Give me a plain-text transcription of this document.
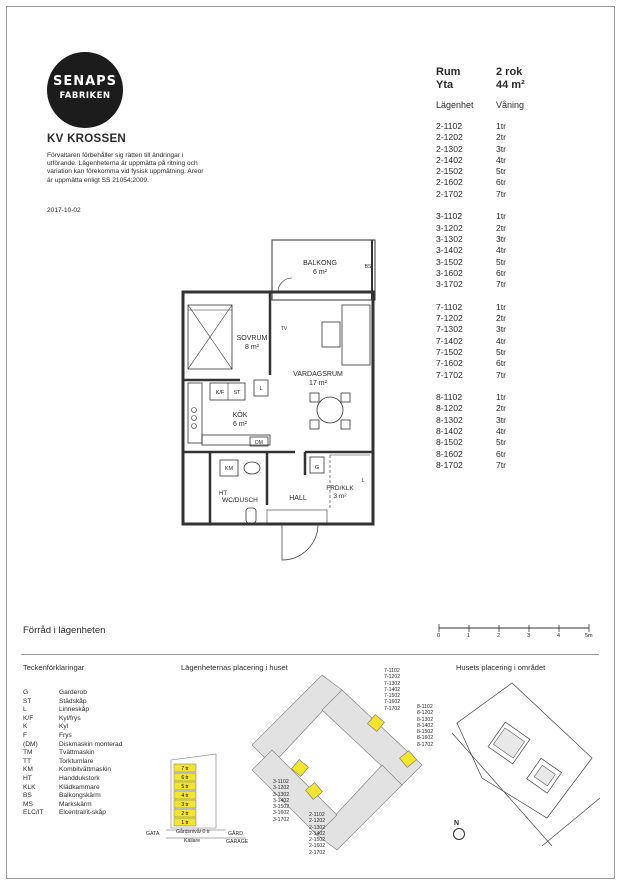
SENAPS
FABRIKEN
KV KROSSEN
Förvaltaren förbehåller sig rätten till ändringar i utförande. Lägenheterna är uppmätta på ritning och variation kan förekomma vid fysisk uppmätning. Areor är uppmätta enligt SS 21054:2009.
2017-10-02
Rum	2 rok
Yta	44 m²
Lägenhet Våning
2-1102	1tr
2-1202	2tr
2-1302	3tr
2-1402	4tr
2-1502	5tr
2-1602	6tr
2-1702	7tr
3-1102	1tr
3-1202	2tr
3-1302	3tr
3-1402	4tr
3-1502	5tr
3-1602	6tr
3-1702	7tr
7-1102	1tr
7-1202	2tr
7-1302	3tr
7-1402	4tr
7-1502	5tr
7-1602	6tr
7-1702	7tr
8-1102	1tr
8-1202	2tr
8-1302	3tr
8-1402	4tr
8-1502	5tr
8-1602	6tr
8-1702	7tr
BALKONG
6 m²
BS
SOVRUM
8 m²
VARDAGSRUM
17 m²
KÖK
6 m²
K/F ST
L
DM
TV
KM
HT
WC/DUSCH	HALL
G
FRD/KLK
3 m²
L
Förråd i lägenheten	0	1	2	3	4	5m
Teckenförklaringar	Lägenheternas placering i huset	Husets placering i området
G	Garderob
ST	Städskåp
L	Linneskåp
K/F	Kyl/frys
K	Kyl
F	Frys
(DM)	Diskmaskin monterad
TM	Tvättmaskin
TT	Torktumlare
KM	Kombitvättmaskin
HT	Handdukstork
KLK	Klädkammare
BS	Balkongskärm
MS	Markskärm
ELC/IT Elcentral/it-skåp
7 tr
6 tr
5 tr
4 tr
3 tr
2 tr
1 tr
GATA	GÅRD
Gårdsnivå/ 0 tr
Källare	GARAGE
7-1102
7-1202
7-1302
7-1402
7-1502
7-1602
7-1702	8-1102
8-1202
8-1302
8-1402
8-1502
8-1602
8-1702
3-1102
3-1202
3-1302
3-1402
3-1502
3-1602
3-1702
2-1102
2-1202
2-1302
2-1402
2-1502
2-1602
2-1702
N
